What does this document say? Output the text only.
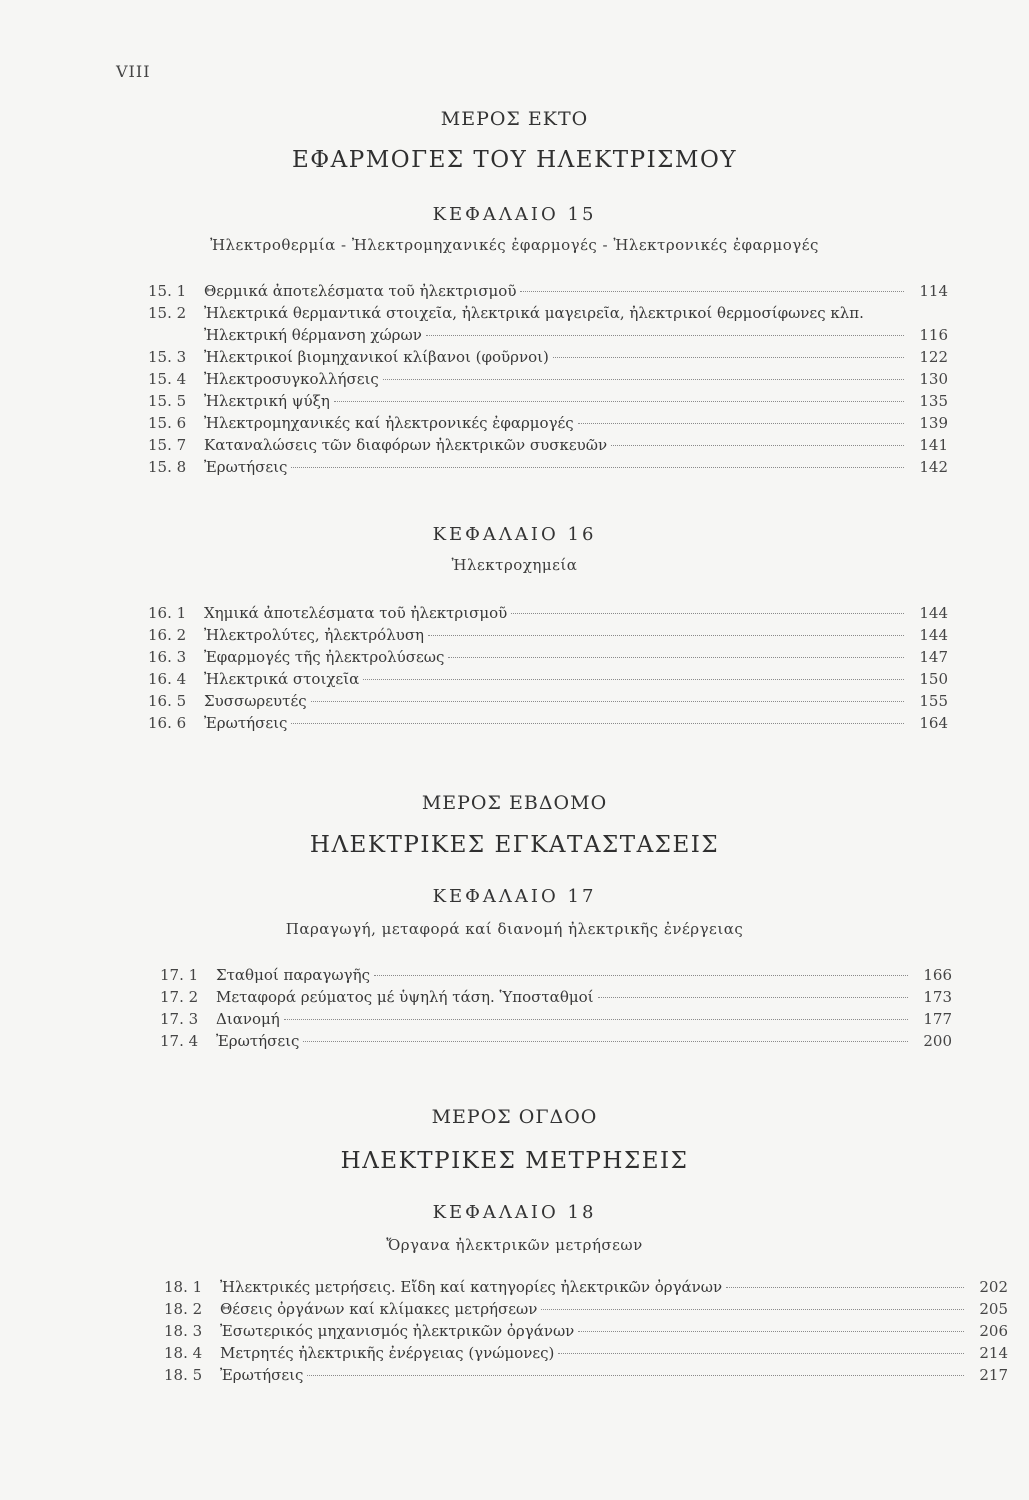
VIII

ΜΕΡΟΣ ΕΚΤΟ

ΕΦΑΡΜΟΓΕΣ ΤΟΥ ΗΛΕΚΤΡΙΣΜΟΥ

ΚΕΦΑΛΑΙΟ 15

Ἠλεκτροθερμία - Ἠλεκτρομηχανικές ἐφαρμογές - Ἠλεκτρονικές ἐφαρμογές

15. 1	Θερμικά ἀποτελέσματα τοῦ ἠλεκτρισμοῦ	114
15. 2	Ἠλεκτρικά θερμαντικά στοιχεῖα, ἠλεκτρικά μαγειρεῖα, ἠλεκτρικοί θερμοσίφωνες κλπ.
Ἠλεκτρική θέρμανση χώρων	116
15. 3	Ἠλεκτρικοί βιομηχανικοί κλίβανοι (φοῦρνοι)	122
15. 4	Ἠλεκτροσυγκολλήσεις	130
15. 5	Ἠλεκτρική ψύξη	135
15. 6	Ἠλεκτρομηχανικές καί ἠλεκτρονικές ἐφαρμογές	139
15. 7	Καταναλώσεις τῶν διαφόρων ἠλεκτρικῶν συσκευῶν	141
15. 8	Ἐρωτήσεις	142

ΚΕΦΑΛΑΙΟ 16

Ἠλεκτροχημεία

16. 1	Χημικά ἀποτελέσματα τοῦ ἠλεκτρισμοῦ	144
16. 2	Ἠλεκτρολύτες, ἠλεκτρόλυση	144
16. 3	Ἐφαρμογές τῆς ἠλεκτρολύσεως	147
16. 4	Ἠλεκτρικά στοιχεῖα	150
16. 5	Συσσωρευτές	155
16. 6	Ἐρωτήσεις	164

ΜΕΡΟΣ ΕΒΔΟΜΟ

ΗΛΕΚΤΡΙΚΕΣ ΕΓΚΑΤΑΣΤΑΣΕΙΣ

ΚΕΦΑΛΑΙΟ 17

Παραγωγή, μεταφορά καί διανομή ἠλεκτρικῆς ἐνέργειας

17. 1	Σταθμοί παραγωγῆς	166
17. 2	Μεταφορά ρεύματος μέ ὑψηλή τάση. Ὑποσταθμοί	173
17. 3	Διανομή	177
17. 4	Ἐρωτήσεις	200

ΜΕΡΟΣ ΟΓΔΟΟ

ΗΛΕΚΤΡΙΚΕΣ ΜΕΤΡΗΣΕΙΣ

ΚΕΦΑΛΑΙΟ 18

Ὄργανα ἠλεκτρικῶν μετρήσεων

18. 1	Ἠλεκτρικές μετρήσεις. Εἴδη καί κατηγορίες ἠλεκτρικῶν ὀργάνων	202
18. 2	Θέσεις ὀργάνων καί κλίμακες μετρήσεων	205
18. 3	Ἐσωτερικός μηχανισμός ἠλεκτρικῶν ὀργάνων	206
18. 4	Μετρητές ἠλεκτρικῆς ἐνέργειας (γνώμονες)	214
18. 5	Ἐρωτήσεις	217
